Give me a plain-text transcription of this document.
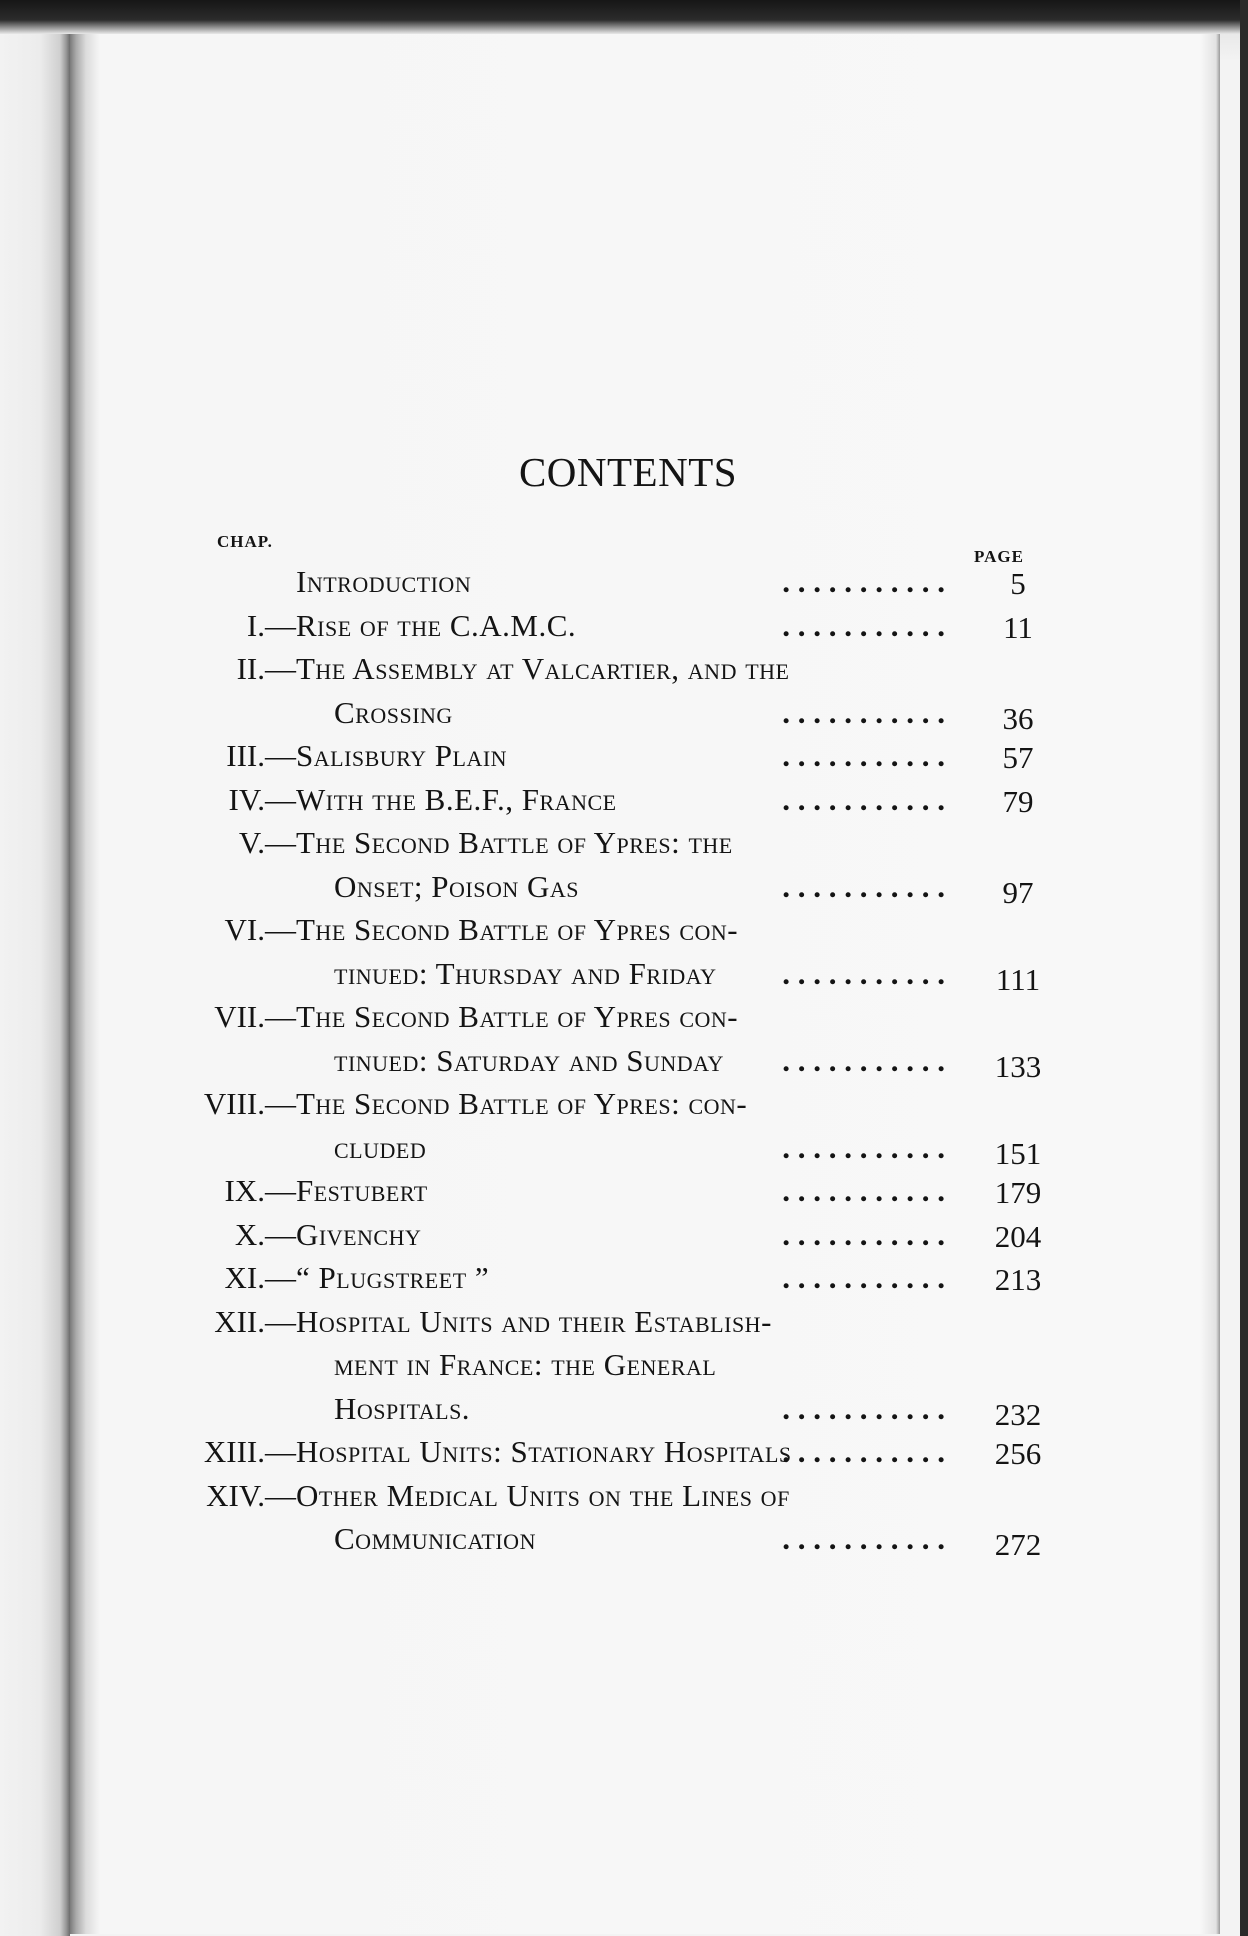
CONTENTS
CHAP.
PAGE
Introduction	. . . . . . . . . . .	5
I.— Rise of the C.A.M.C.	. . . . . . . . . . .	11
II.— The Assembly at Valcartier, and the
Crossing	. . . . . . . . . . .	36
III.— Salisbury Plain	. . . . . . . . . . .	57
IV.— With the B.E.F., France	. . . . . . . . . . .	79
V.— The Second Battle of Ypres: the
Onset; Poison Gas	. . . . . . . . . . .	97
VI.— The Second Battle of Ypres con-
tinued: Thursday and Friday	. . . . . . . . . . .	111
VII.— The Second Battle of Ypres con-
tinued: Saturday and Sunday	. . . . . . . . . . .	133
VIII.— The Second Battle of Ypres: con-
cluded	. . . . . . . . . . .	151
IX.— Festubert	. . . . . . . . . . .	179
X.— Givenchy	. . . . . . . . . . .	204
XI.— “ Plugstreet ”	. . . . . . . . . . .	213
XII.— Hospital Units and their Establish-
ment in France: the General
Hospitals.	. . . . . . . . . . .	232
XIII.— Hospital Units: Stationary Hospitals
. . . . . . . . . . .	256
XIV.— Other Medical Units on the Lines of
Communication	. . . . . . . . . . .	272
